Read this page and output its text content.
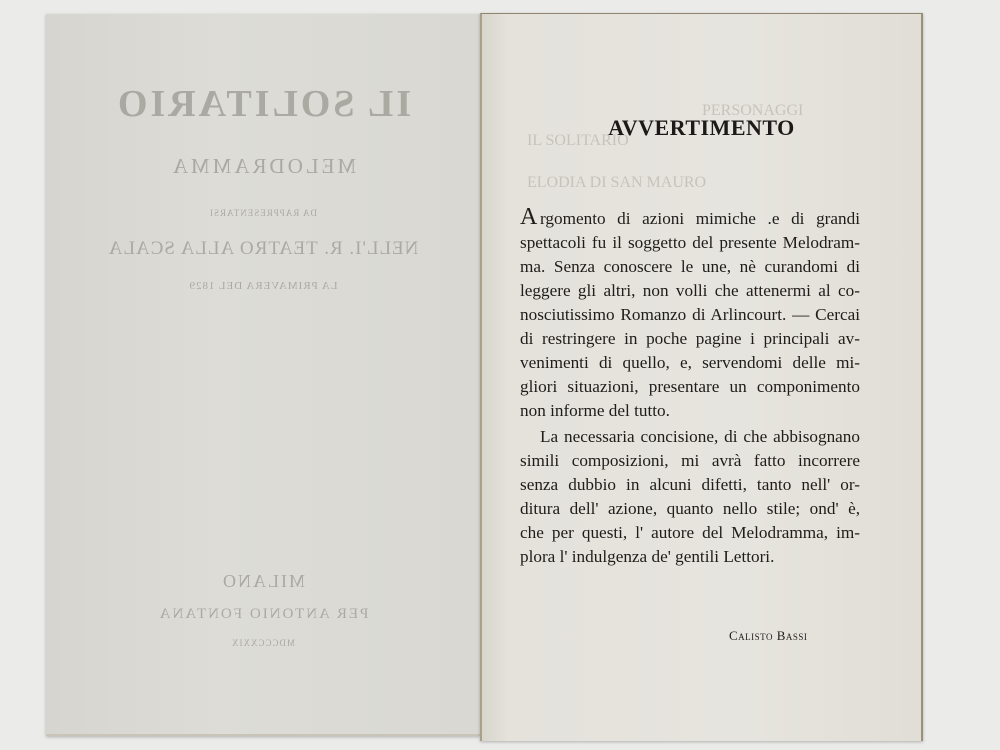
IL SOLITARIO
MELODRAMMA
DA RAPPRESENTARSI
NELL'I. R. TEATRO ALLA SCALA
LA PRIMAVERA DEL 1829
MILANO
PER ANTONIO FONTANA
MDCCCXXIX
PERSONAGGI
IL SOLITARIO
ELODIA DI SAN MAURO
AVVERTIMENTO
A rgomento di azioni mimiche .e di grandi
spettacoli fu il soggetto del presente Melodram-
ma. Senza conoscere le une, nè curandomi di
leggere gli altri, non volli che attenermi al co-
nosciutissimo Romanzo di Arlincourt. — Cercai
di restringere in poche pagine i principali av-
venimenti di quello, e, servendomi delle mi-
gliori situazioni, presentare un componimento
non informe del tutto.
La necessaria concisione, di che abbisognano
simili composizioni, mi avrà fatto incorrere
senza dubbio in alcuni difetti, tanto nell' or-
ditura dell' azione, quanto nello stile; ond' è,
che per questi, l' autore del Melodramma, im-
plora l' indulgenza de' gentili Lettori.
Calisto Bassi
